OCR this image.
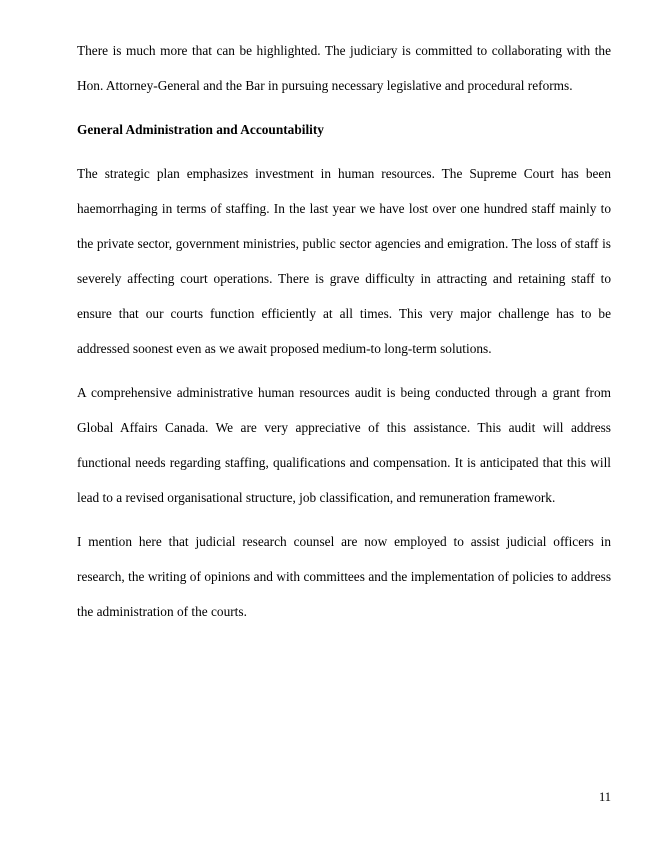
There is much more that can be highlighted. The judiciary is committed to collaborating with the Hon. Attorney-General and the Bar in pursuing necessary legislative and procedural reforms.

General Administration and Accountability

The strategic plan emphasizes investment in human resources. The Supreme Court has been haemorrhaging in terms of staffing. In the last year we have lost over one hundred staff mainly to the private sector, government ministries, public sector agencies and emigration. The loss of staff is severely affecting court operations. There is grave difficulty in attracting and retaining staff to ensure that our courts function efficiently at all times. This very major challenge has to be addressed soonest even as we await proposed medium-to long-term solutions.

A comprehensive administrative human resources audit is being conducted through a grant from Global Affairs Canada. We are very appreciative of this assistance. This audit will address functional needs regarding staffing, qualifications and compensation. It is anticipated that this will lead to a revised organisational structure, job classification, and remuneration framework.

I mention here that judicial research counsel are now employed to assist judicial officers in research, the writing of opinions and with committees and the implementation of policies to address the administration of the courts.

11
